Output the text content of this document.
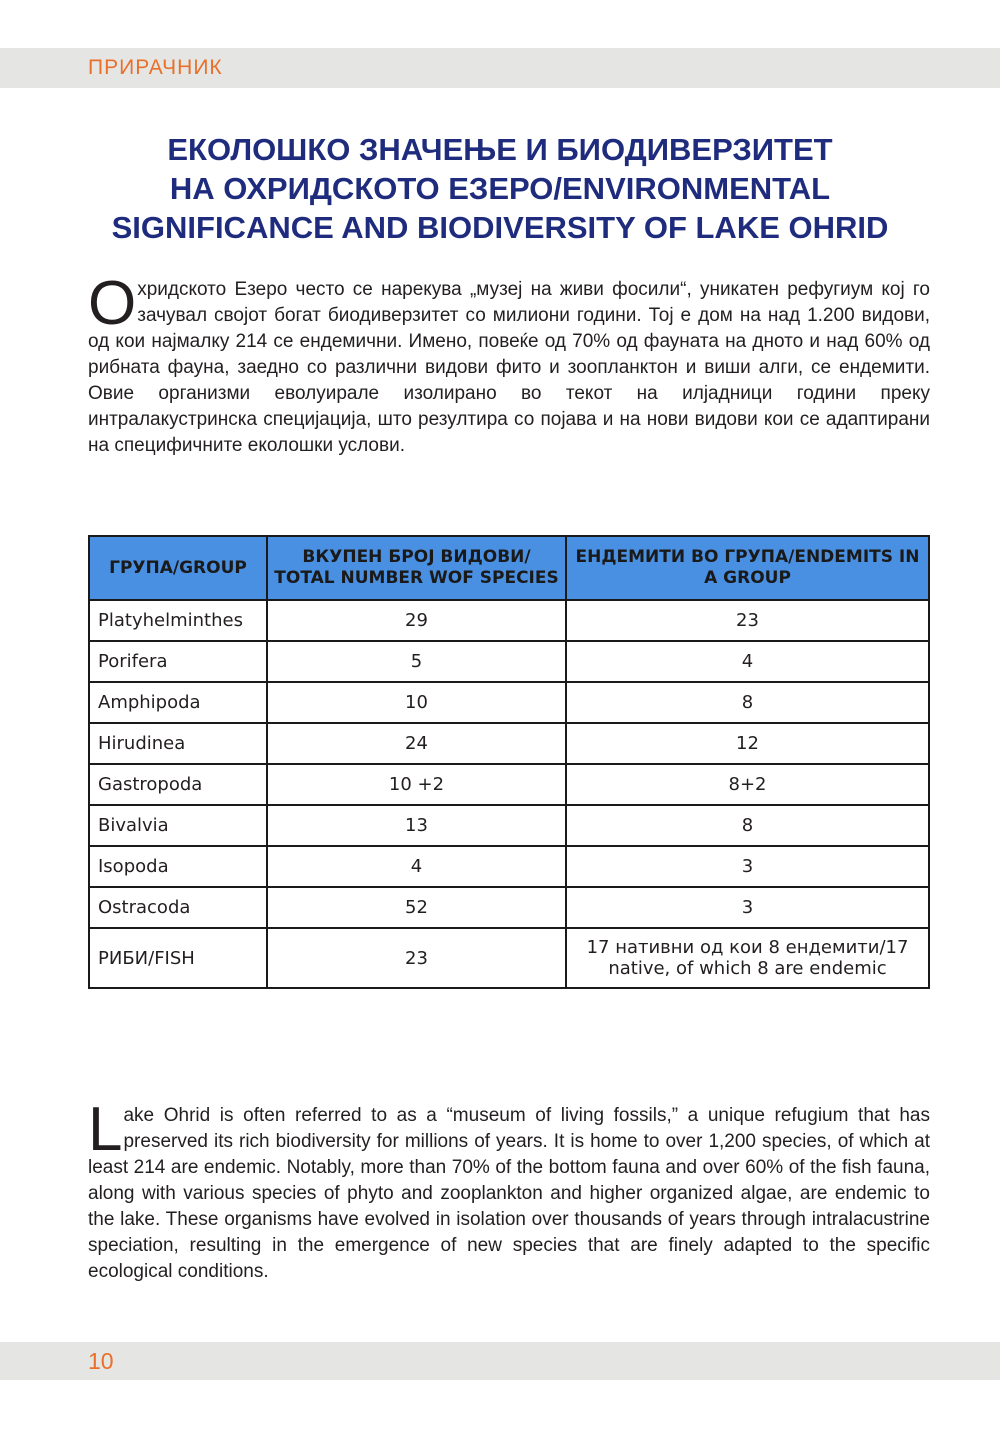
ПРИРАЧНИК
ЕКОЛОШКО ЗНАЧЕЊЕ И БИОДИВЕРЗИТЕТ
НА ОХРИДСКОТО ЕЗЕРО/ENVIRONMENTAL
SIGNIFICANCE AND BIODIVERSITY OF LAKE OHRID

Охридското Езеро често се нарекува „музеј на живи фосили“, уникатен рефугиум кој го зачувал својот богат биодиверзитет со милиони години. Тој е дом на над 1.200 видови, од кои најмалку 214 се ендемични. Имено, повеќе од 70% од фауната на дното и над 60% од рибната фауна, заедно со различни видови фито и зоопланктон и виши алги, се ендемити. Овие организми еволуирале изолирано во текот на илјадници години преку интралакустринска специјација, што резултира со појава и на нови видови кои се адаптирани на специфичните еколошки услови.

ГРУПА/GROUP	ВКУПЕН БРОЈ ВИДОВИ/ TOTAL NUMBER WOF SPECIES	ЕНДЕМИТИ ВО ГРУПА/ENDEMITS IN A GROUP
Platyhelminthes	29	23
Porifera	5	4
Amphipoda	10	8
Hirudinea	24	12
Gastropoda	10 +2	8+2
Bivalvia	13	8
Isopoda	4	3
Ostracoda	52	3
РИБИ/FISH	23	17 нативни од кои 8 ендемити/17 native, of which 8 are endemic

Lake Ohrid is often referred to as a “museum of living fossils,” a unique refugium that has preserved its rich biodiversity for millions of years. It is home to over 1,200 species, of which at least 214 are endemic. Notably, more than 70% of the bottom fauna and over 60% of the fish fauna, along with various species of phyto and zooplankton and higher organized algae, are endemic to the lake. These organisms have evolved in isolation over thousands of years through intralacustrine speciation, resulting in the emergence of new species that are finely adapted to the specific ecological conditions.

10
